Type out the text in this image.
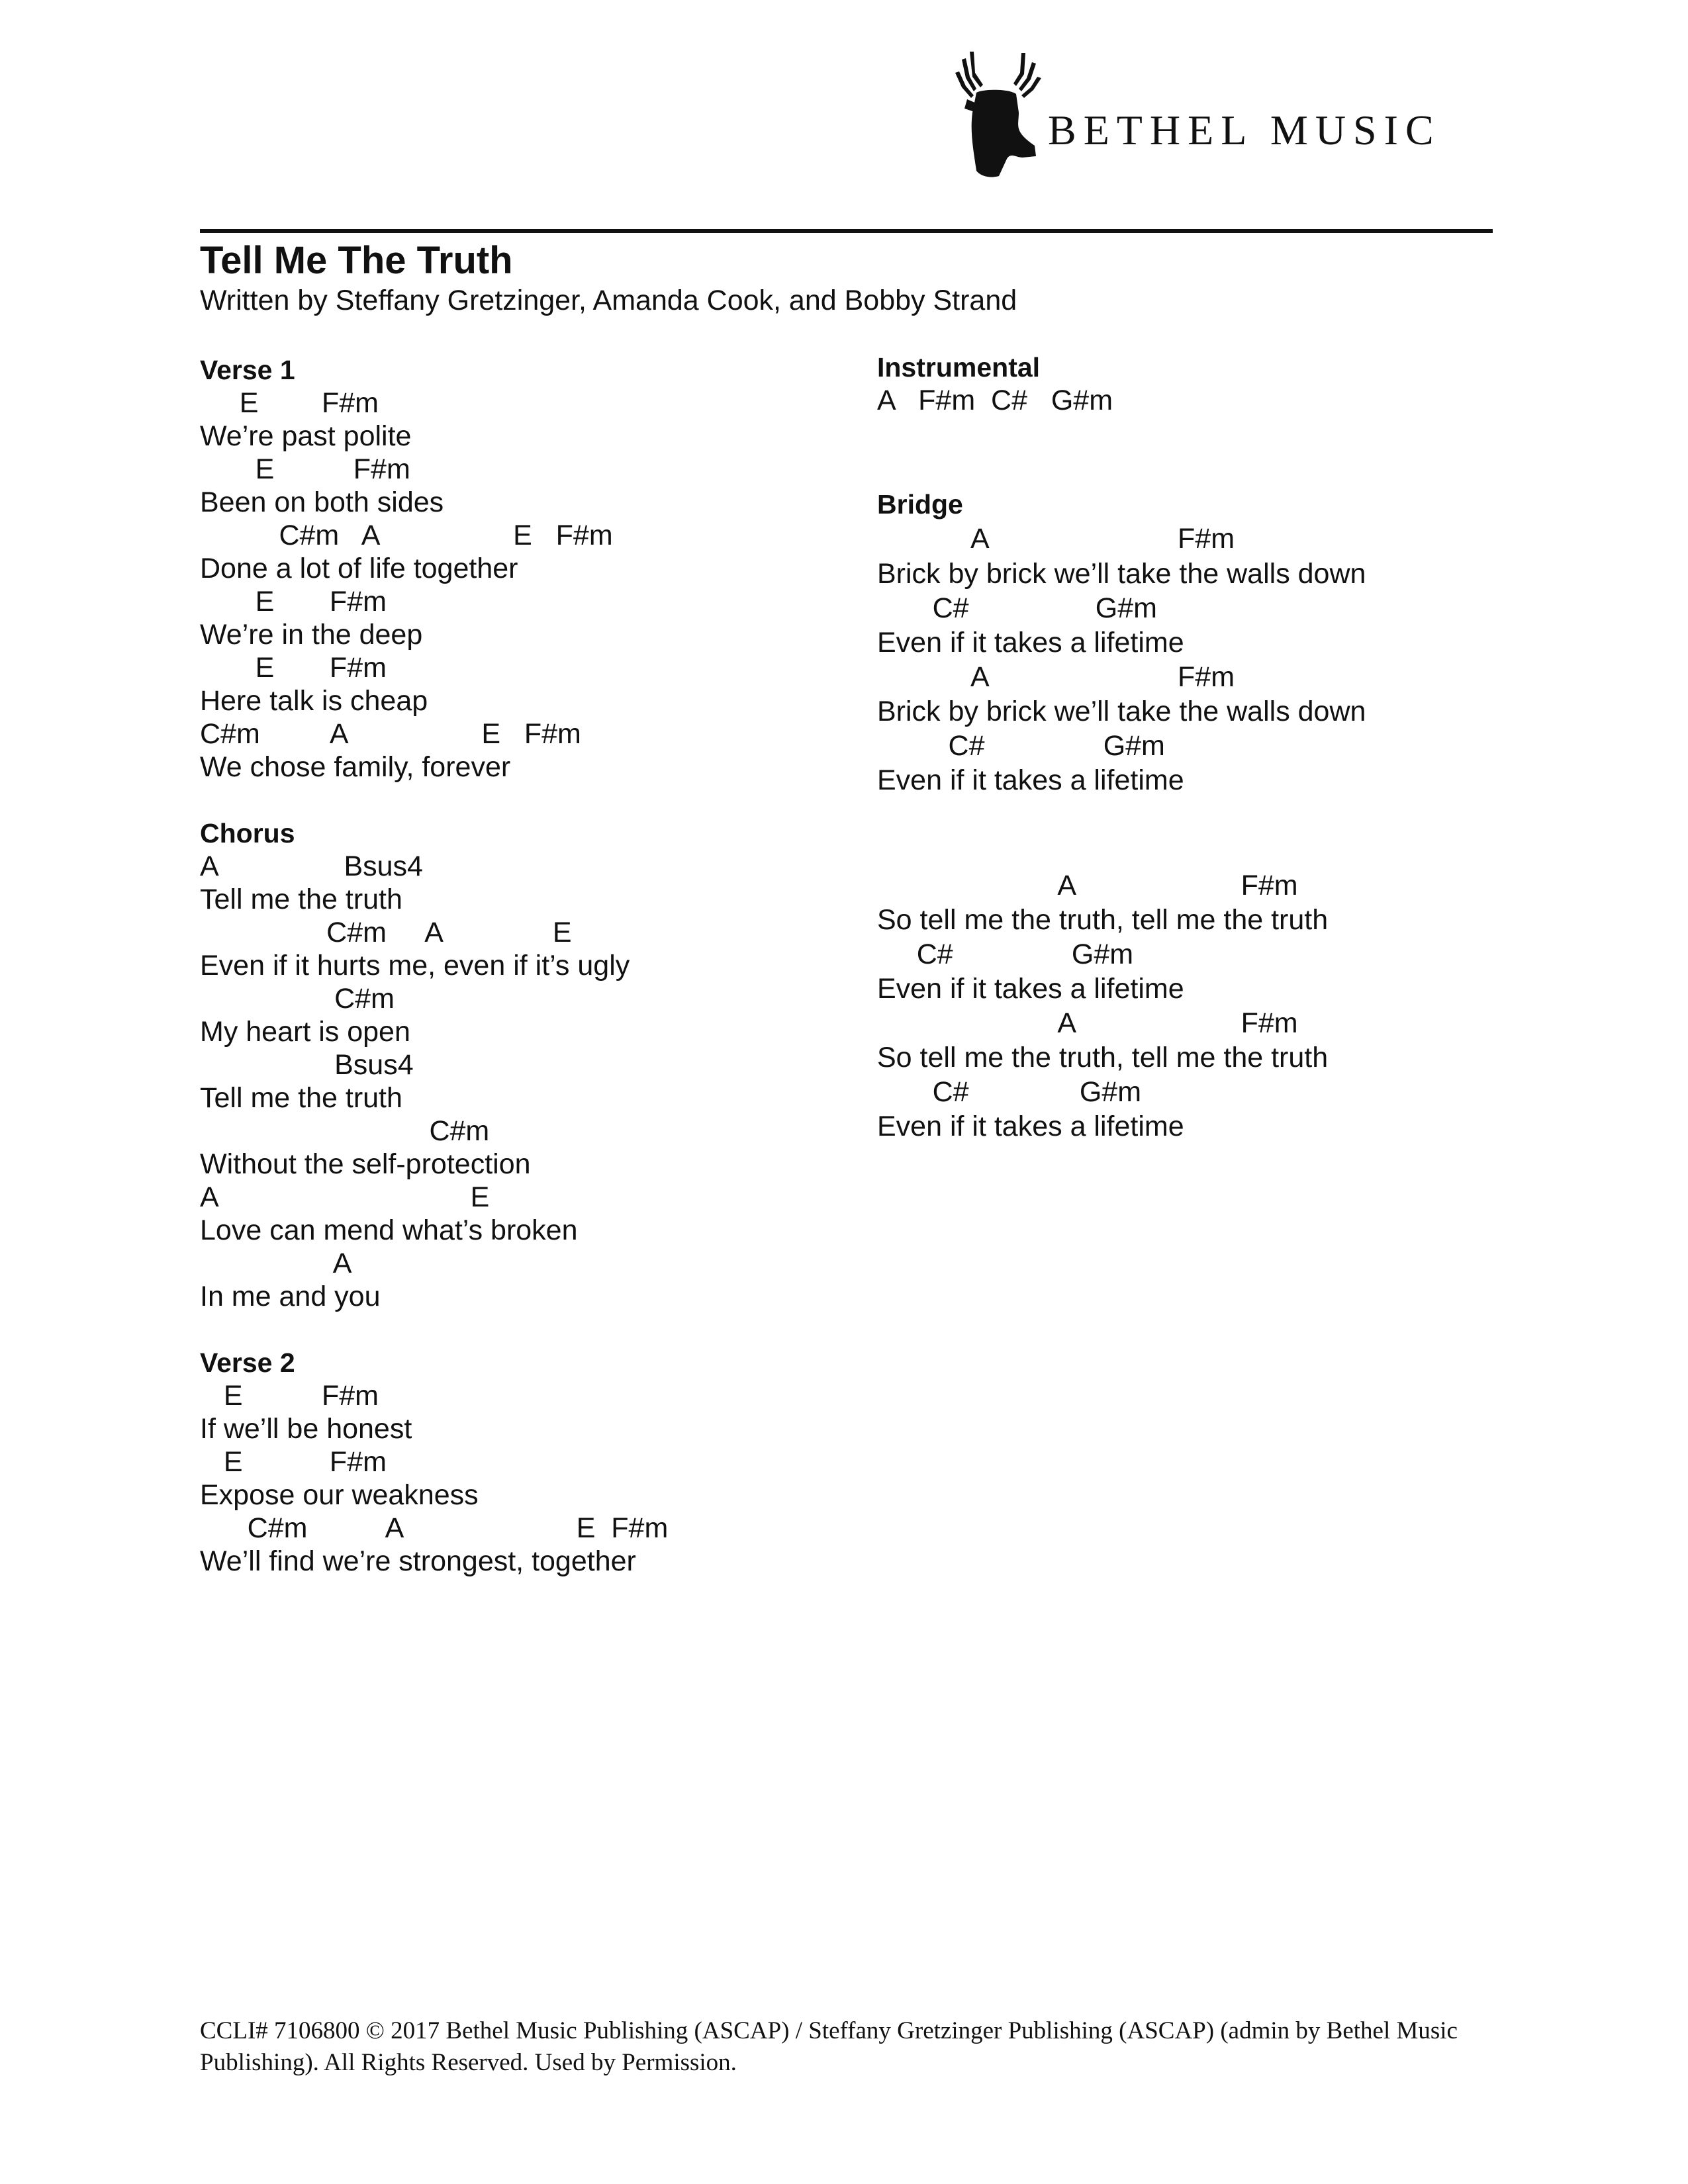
BETHEL MUSIC
Tell Me The Truth
Written by Steffany Gretzinger, Amanda Cook, and Bobby Strand
Verse 1
E        F#m
We’re past polite
E          F#m
Been on both sides
C#m   A                 E   F#m
Done a lot of life together
E       F#m
We’re in the deep
E       F#m
Here talk is cheap
C#m         A                 E   F#m
We chose family, forever
Chorus
A                Bsus4
Tell me the truth
C#m     A              E
Even if it hurts me, even if it’s ugly
C#m
My heart is open
Bsus4
Tell me the truth
C#m
Without the self-protection
A                                E
Love can mend what’s broken
A
In me and you
Verse 2
E          F#m
If we’ll be honest
E           F#m
Expose our weakness
C#m          A                      E  F#m
We’ll find we’re strongest, together
Instrumental
A   F#m  C#   G#m
Bridge
A                        F#m
Brick by brick we’ll take the walls down
C#                G#m
Even if it takes a lifetime
A                        F#m
Brick by brick we’ll take the walls down
C#               G#m
Even if it takes a lifetime
A                     F#m
So tell me the truth, tell me the truth
C#               G#m
Even if it takes a lifetime
A                     F#m
So tell me the truth, tell me the truth
C#              G#m
Even if it takes a lifetime
CCLI# 7106800 © 2017 Bethel Music Publishing (ASCAP) / Steffany Gretzinger Publishing (ASCAP) (admin by Bethel Music Publishing). All Rights Reserved. Used by Permission.
